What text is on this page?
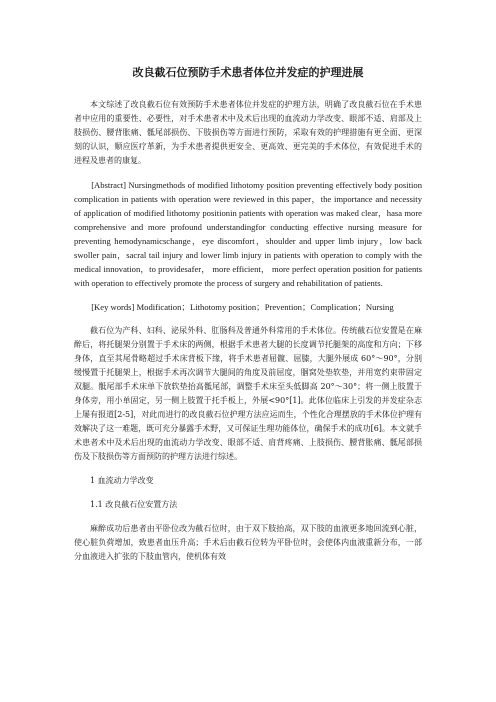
改良截石位预防手术患者体位并发症的护理进展

本文综述了改良截石位有效预防手术患者体位并发症的护理方法，明确了改良截石位在手术患者中应用的重要性、必要性，对手术患者术中及术后出现的血流动力学改变、眼部不适、肩部及上肢损伤、腰背胀痛、骶尾部损伤、下肢损伤等方面进行预防，采取有效的护理措施有更全面、更深刻的认识，顺应医疗革新，为手术患者提供更安全、更高效、更完美的手术体位，有效促进手术的进程及患者的康复。

[Abstract] Nursingmethods of modified lithotomy position preventing effectively body position complication in patients with operation were reviewed in this paper，the importance and necessity of application of modified lithotomy positionin patients with operation was maked clear，hasa more comprehensive and more profound understandingfor conducting effective nursing measure for preventing hemodynamicschange，eye discomfort，shoulder and upper limb injury，low back swoller pain，sacral tail injury and lower limb injury in patients with operation to comply with the medical innovation，to providesafer， more efficient， more perfect operation position for patients with operation to effectively promote the process of surgery and rehabilitation of patients.

[Key words] Modification；Lithotomy position；Prevention；Complication；Nursing

截石位为产科、妇科、泌尿外科、肛肠科及普通外科常用的手术体位。传统截石位安置是在麻醉后，将托腿架分别置于手术床的两侧，根据手术患者大腿的长度调节托腿架的高度和方向；下移身体，直至其尾骨略超过手术床背板下缘，将手术患者屈髋、屈膝，大腿外展成 60°～90°，分别缓慢置于托腿架上，根据手术再次调节大腿间的角度及前屈度，腘窝处垫软垫，并用宽约束带固定双腿。骶尾部手术床单下放软垫抬高骶尾部，调整手术床至头低脚高 20°～30°；将一侧上肢置于身体旁，用小单固定，另一侧上肢置于托手板上，外展<90°[1]。此体位临床上引发的并发症杂志上屡有报道[2-5]，对此而进行的改良截石位护理方法应运而生，个性化合理摆放的手术体位护理有效解决了这一难题，既可充分暴露手术野，又可保证生理功能体位，确保手术的成功[6]。本文就手术患者术中及术后出现的血流动力学改变、眼部不适、肩背疼痛、上肢损伤、腰背胀痛、骶尾部损伤及下肢损伤等方面预防的护理方法进行综述。

1 血流动力学改变

1.1 改良截石位安置方法

麻醉成功后患者由平卧位改为截石位时，由于双下肢抬高，双下肢的血液更多地回流到心脏，使心脏负荷增加，致患者血压升高；手术后由截石位转为平卧位时，会使体内血液重新分布，一部分血液进入扩张的下肢血管内，使机体有效
